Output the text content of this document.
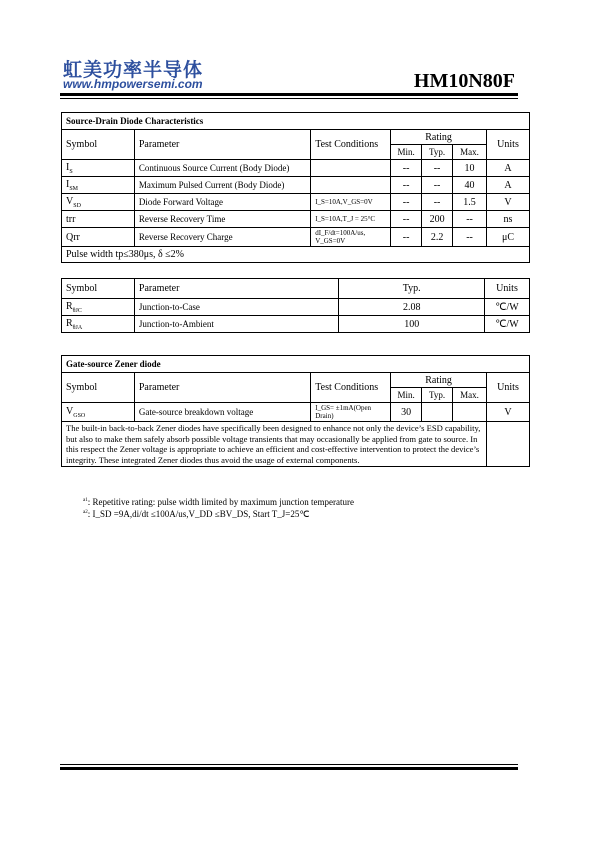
虹美功率半导体
www.hmpowersemi.com	HM10N80F
Source-Drain Diode Characteristics						
Symbol	Parameter	Test Conditions	Rating			Units
			Min.	Typ.	Max.	
$I_S$	Continuous Source Current (Body Diode)		--	--	10	A
$I_{SM}$	Maximum Pulsed Current (Body Diode)		--	--	40	A
$V_{SD}$	Diode Forward Voltage	I_S=10A,V_GS=0V	--	--	1.5	V
trr	Reverse Recovery Time	I_S=10A,T_J = 25°C	--	200	--	ns
Qrr	Reverse Recovery Charge	dI_F/dt=100A/us, V_GS=0V	--	2.2	--	μC
Pulse width tp≤380μs, δ ≤2%						
Symbol	Parameter	Typ.	Units
$R_{\theta JC}$	Junction-to-Case	2.08	℃/W
$R_{\theta JA}$	Junction-to-Ambient	100	℃/W
Gate-source Zener diode						
Symbol	Parameter	Test Conditions	Rating			Units
			Min.	Typ.	Max.	
$V_{GSO}$	Gate-source breakdown voltage	I_GS= ±1mA(Open Drain)	30			V
The built-in back-to-back Zener diodes have specifically been designed to enhance not only the device’s ESD capability, but also to make them safely absorb possible voltage transients that may occasionally be applied from gate to source. In this respect the Zener voltage is appropriate to achieve an efficient and cost-effective intervention to protect the device’s integrity. These integrated Zener diodes thus avoid the usage of external components.						
$^{a1}$: Repetitive rating: pulse width limited by maximum junction temperature
$^{a2}$: I_SD =9A,di/dt ≤100A/us,V_DD ≤BV_DS, Start T_J=25℃
